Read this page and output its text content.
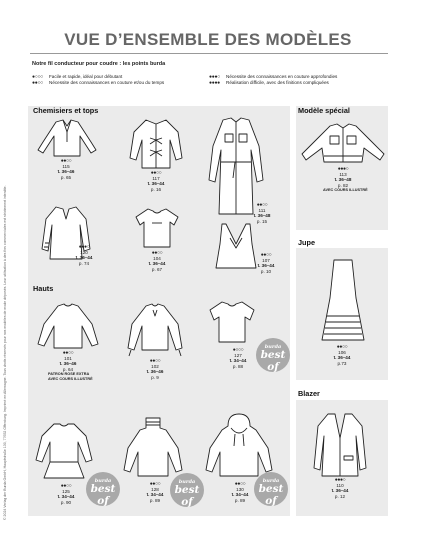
VUE D’ENSEMBLE DES MODÈLES
Notre fil conducteur pour coudre : les points burda
●○○○ Facile et rapide, idéal pour débutant
●●○○ Nécessite des connaissances en couture et/ou du temps
●●●○ Nécessite des connaissances en couture approfondies
●●●● Réalisation difficile, avec des finitions compliquées
© 2024 Verlag der Burda GmbH, Hauptstraße 130, 77652 Offenburg. Imprimé en Allemagne. Tous droits réservés pour nos modèles de mode déposés. Leur utilisation à des fins commerciales est strictement interdite.
Chemisiers et tops
Hauts
Modèle spécial
Jupe
Blazer
●●○○
115
t. 36–46
p. 65
●●○○
117
t. 36–44
p. 16
●●○○
111
t. 36–48
p. 15
●●●○
120
t. 36–44
p. 74
●●○○
104
t. 36–44
p. 67
●●○○
107
t. 36–44
p. 10
●●●○
113
t. 36–48
p. 82
AVEC COURS ILLUSTRÉ
●●○○
106
t. 36–44
p.73
●●●○
110
t. 36–44
p. 12
●●○○
101
t. 36–46
p. 64
PATRON ROSE EXTRA
AVEC COURS ILLUSTRÉ
●●○○
102
t. 36–46
p. 9
●○○○
127
t. 34–44
p. 88
burda
best of
●●○○
125
t. 34–44
p. 90
burda
best of
●●○○
128
t. 34–44
p. 89
burda
best of
●●○○
130
t. 34–44
p. 89
burda
best of
